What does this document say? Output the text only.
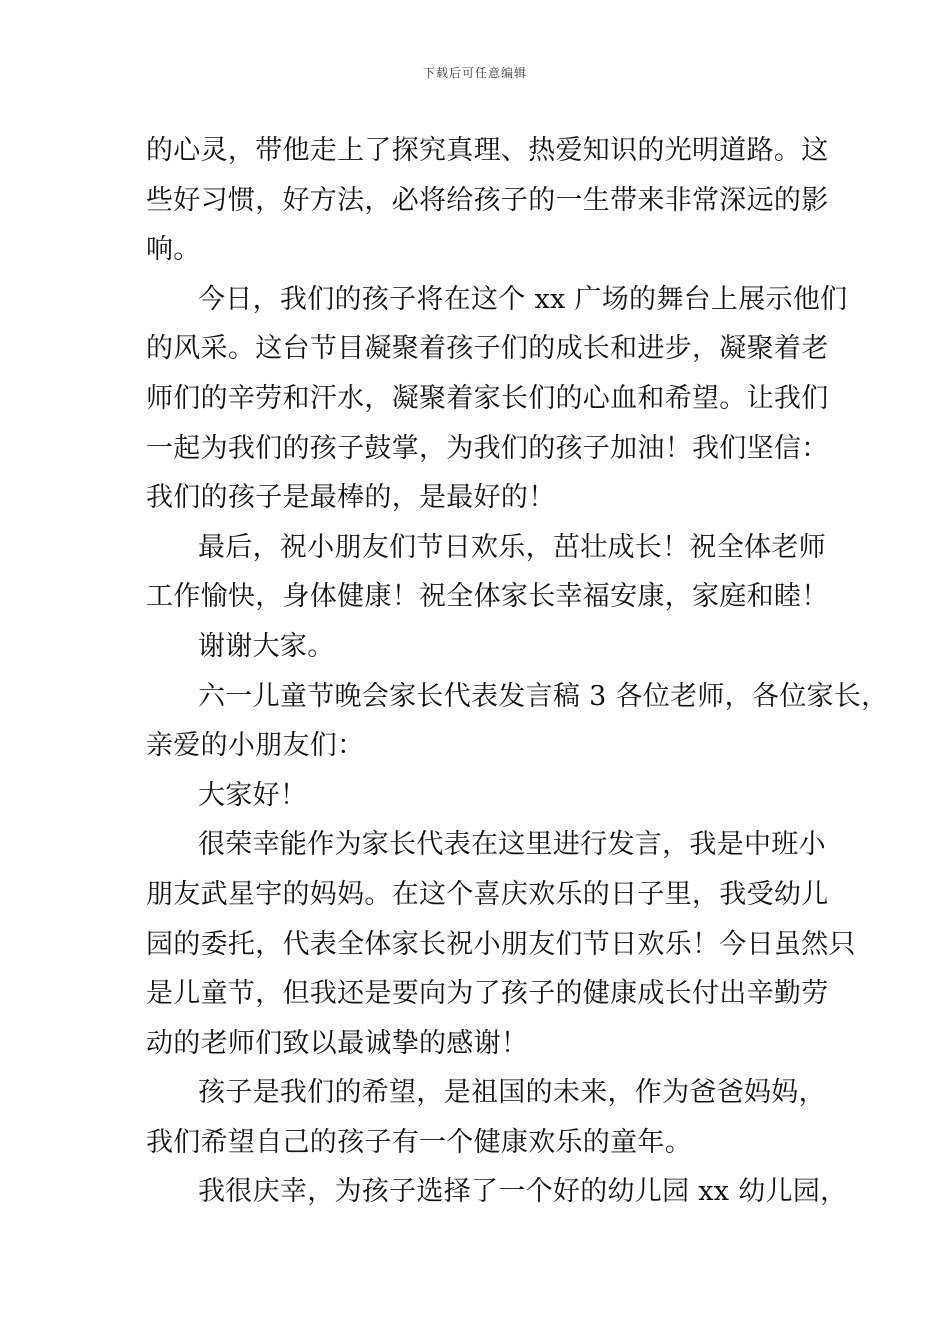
下载后可任意编辑
的心灵，带他走上了探究真理、热爱知识的光明道路。这
些好习惯，好方法，必将给孩子的一生带来非常深远的影
响。
今日，我们的孩子将在这个 xx 广场的舞台上展示他们
的风采。这台节目凝聚着孩子们的成长和进步，凝聚着老
师们的辛劳和汗水，凝聚着家长们的心血和希望。让我们
一起为我们的孩子鼓掌，为我们的孩子加油！我们坚信：
我们的孩子是最棒的，是最好的！
最后，祝小朋友们节日欢乐，茁壮成长！祝全体老师
工作愉快，身体健康！祝全体家长幸福安康，家庭和睦！
谢谢大家。
六一儿童节晚会家长代表发言稿 3 各位老师，各位家长，
亲爱的小朋友们：
大家好！
很荣幸能作为家长代表在这里进行发言，我是中班小
朋友武星宇的妈妈。在这个喜庆欢乐的日子里，我受幼儿
园的委托，代表全体家长祝小朋友们节日欢乐！今日虽然只
是儿童节，但我还是要向为了孩子的健康成长付出辛勤劳
动的老师们致以最诚挚的感谢！
孩子是我们的希望，是祖国的未来，作为爸爸妈妈，
我们希望自己的孩子有一个健康欢乐的童年。
我很庆幸，为孩子选择了一个好的幼儿园 xx 幼儿园，
